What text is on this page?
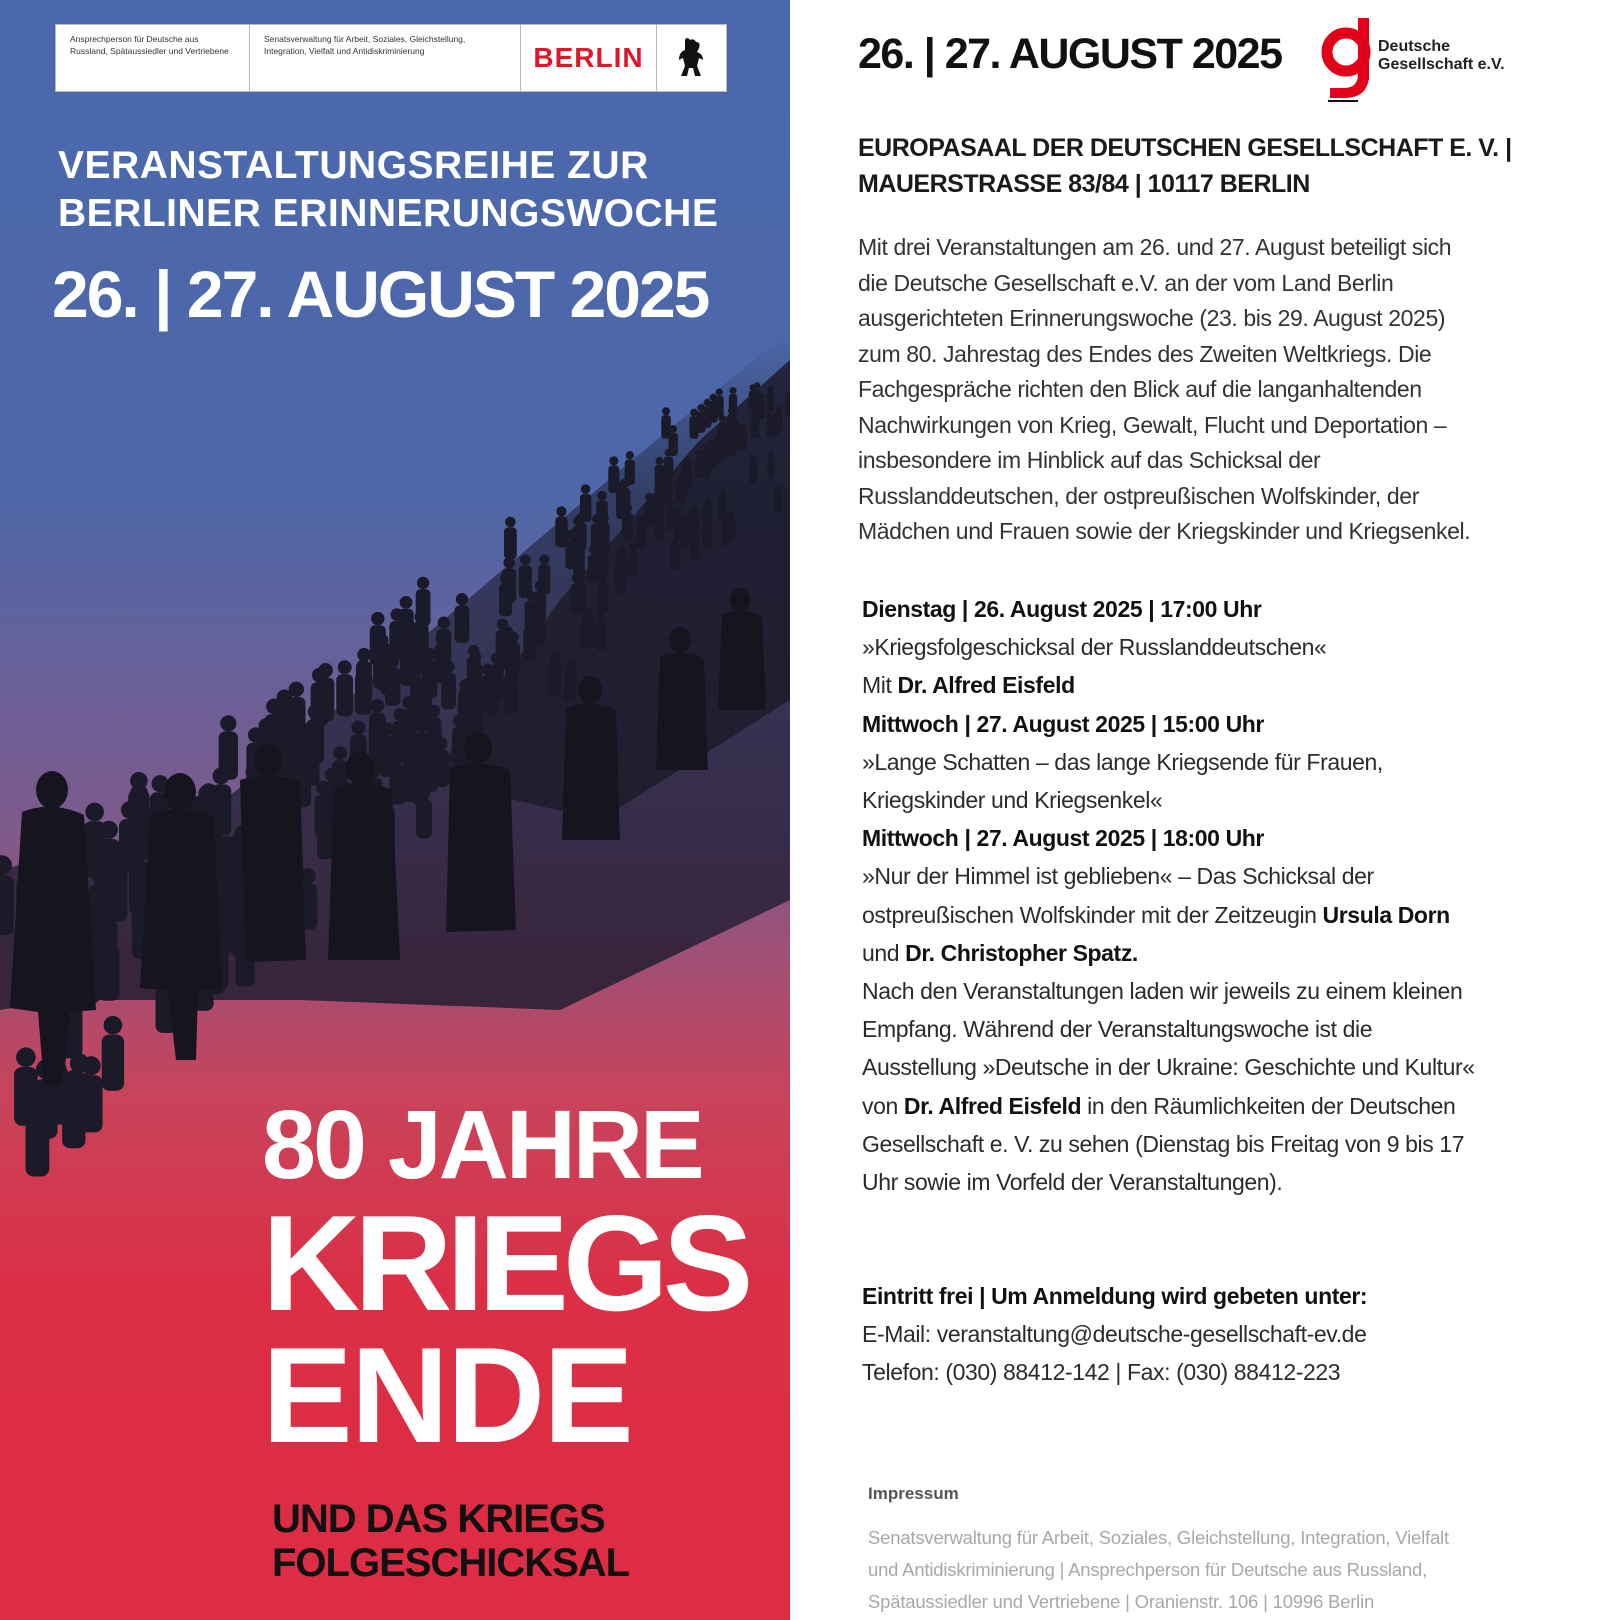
Ansprechperson für Deutsche aus Russland, Spätaussiedler und Vertriebene
Senatsverwaltung für Arbeit, Soziales, Gleichstellung, Integration, Vielfalt und Antidiskriminierung	BERLIN
VERANSTALTUNGSREIHE ZUR
BERLINER ERINNERUNGSWOCHE
26. | 27. AUGUST 2025
80 JAHRE
KRIEGS
ENDE
UND DAS KRIEGS
FOLGESCHICKSAL
26. | 27. AUGUST 2025	Deutsche
Gesellschaft e.V.
EUROPASAAL DER DEUTSCHEN GESELLSCHAFT E. V. |
MAUERSTRASSE 83/84 | 10117 BERLIN
Mit drei Veranstaltungen am 26. und 27. August beteiligt sich
die Deutsche Gesellschaft e.V. an der vom Land Berlin
ausgerichteten Erinnerungswoche (23. bis 29. August 2025)
zum 80. Jahrestag des Endes des Zweiten Weltkriegs. Die
Fachgespräche richten den Blick auf die langanhaltenden
Nachwirkungen von Krieg, Gewalt, Flucht und Deportation –
insbesondere im Hinblick auf das Schicksal der
Russlanddeutschen, der ostpreußischen Wolfskinder, der
Mädchen und Frauen sowie der Kriegskinder und Kriegsenkel.
Dienstag | 26. August 2025 | 17:00 Uhr
»Kriegsfolgeschicksal der Russlanddeutschen«
Mit Dr. Alfred Eisfeld
Mittwoch | 27. August 2025 | 15:00 Uhr
»Lange Schatten – das lange Kriegsende für Frauen,
Kriegskinder und Kriegsenkel«
Mittwoch | 27. August 2025 | 18:00 Uhr
»Nur der Himmel ist geblieben« – Das Schicksal der
ostpreußischen Wolfskinder mit der Zeitzeugin Ursula Dorn
und Dr. Christopher Spatz.
Nach den Veranstaltungen laden wir jeweils zu einem kleinen
Empfang. Während der Veranstaltungswoche ist die
Ausstellung »Deutsche in der Ukraine: Geschichte und Kultur«
von Dr. Alfred Eisfeld in den Räumlichkeiten der Deutschen
Gesellschaft e. V. zu sehen (Dienstag bis Freitag von 9 bis 17
Uhr sowie im Vorfeld der Veranstaltungen).
Eintritt frei | Um Anmeldung wird gebeten unter:
E-Mail: veranstaltung@deutsche-gesellschaft-ev.de
Telefon: (030) 88412-142 | Fax: (030) 88412-223
Impressum
Senatsverwaltung für Arbeit, Soziales, Gleichstellung, Integration, Vielfalt
und Antidiskriminierung | Ansprechperson für Deutsche aus Russland,
Spätaussiedler und Vertriebene | Oranienstr. 106 | 10996 Berlin
